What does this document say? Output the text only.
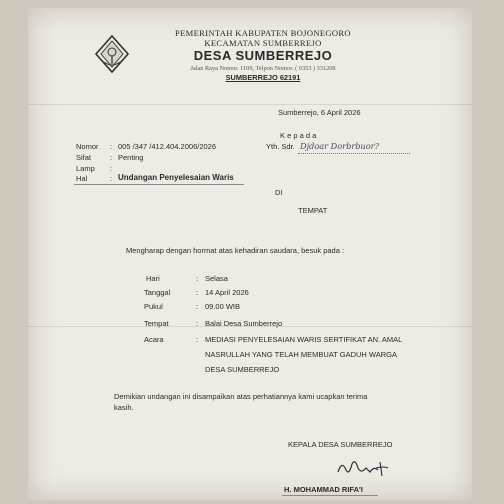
PEMERINTAH KABUPATEN BOJONEGORO
KECAMATAN SUMBERREJO
DESA SUMBERREJO
Jalan Raya Nomor. 1109, Telpon Nomor. ( 0353 ) 331208
SUMBERREJO 62191
Sumberrejo, 6 April 2026
K e p a d a
Yth. Sdr. Djdoar Dorbrbuor?
Nomor : 005 /347 /412.404.2006/2026
Sifat	: Penting
Lamp :
Hal	: Undangan Penyelesaian Waris
DI
TEMPAT
Mengharap dengan hormat atas kehadiran saudara, besuk pada :
Hari	: Selasa
Tanggal	: 14 April 2026
Pukul	: 09.00 WIB
Tempat	: Balai Desa Sumberrejo
Acara	: MEDIASI PENYELESAIAN WARIS SERTIFIKAT AN. AMAL
NASRULLAH YANG TELAH MEMBUAT GADUH WARGA
DESA SUMBERREJO
Demikian undangan ini disampaikan atas perhatiannya kami ucapkan terima
kasih.
KEPALA DESA SUMBERREJO
H. MOHAMMAD RIFA'I
